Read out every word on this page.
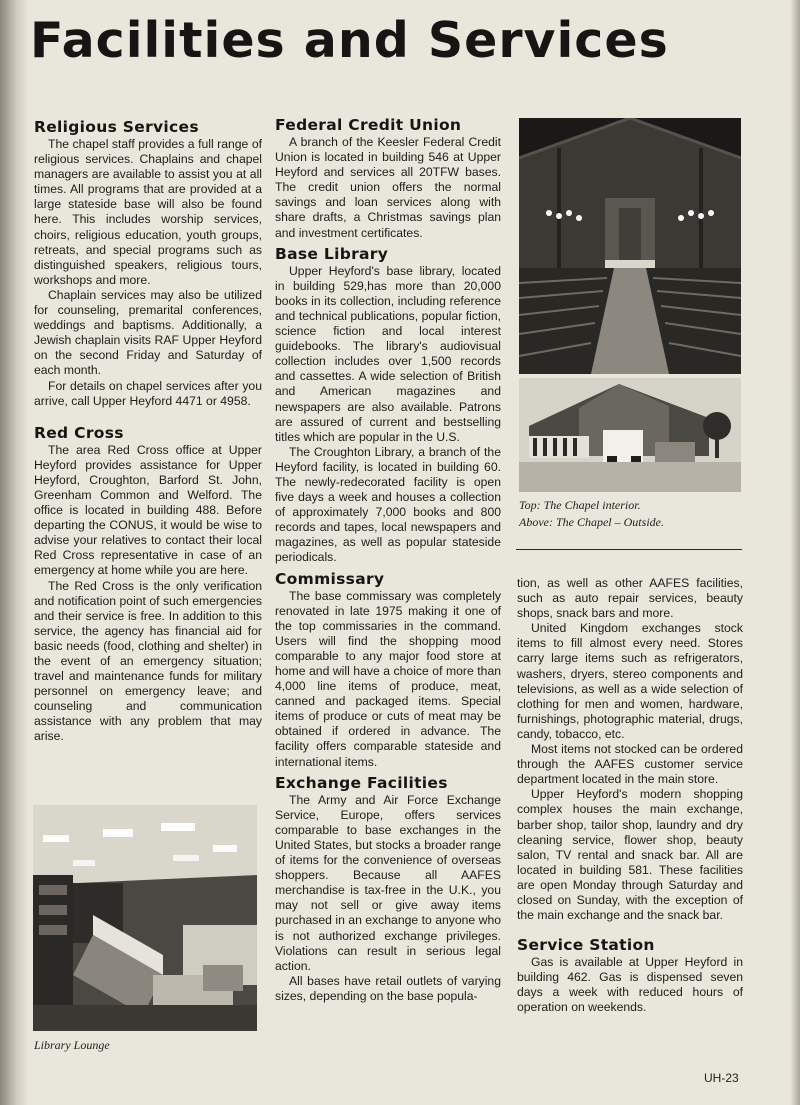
Facilities and Services
Religious Services

The chapel staff provides a full range of religious services. Chaplains and chapel managers are available to assist you at all times. All programs that are provided at a large stateside base will also be found here. This includes worship services, choirs, religious education, youth groups, retreats, and special programs such as distinguished speakers, religious tours, workshops and more.

Chaplain services may also be utilized for counseling, premarital conferences, weddings and baptisms. Additionally, a Jewish chaplain visits RAF Upper Heyford on the second Friday and Saturday of each month.

For details on chapel services after you arrive, call Upper Heyford 4471 or 4958.

Red Cross

The area Red Cross office at Upper Heyford provides assistance for Upper Heyford, Croughton, Barford St. John, Greenham Common and Welford. The office is located in building 488. Before departing the CONUS, it would be wise to advise your relatives to contact their local Red Cross representative in case of an emergency at home while you are here.

The Red Cross is the only verification and notification point of such emergencies and their service is free. In addition to this service, the agency has financial aid for basic needs (food, clothing and shelter) in the event of an emergency situation; travel and maintenance funds for military personnel on emergency leave; and counseling and communication assistance with any problem that may arise.

Library Lounge
Federal Credit Union

A branch of the Keesler Federal Credit Union is located in building 546 at Upper Heyford and services all 20TFW bases. The credit union offers the normal savings and loan services along with share drafts, a Christmas savings plan and investment certificates.

Base Library

Upper Heyford's base library, located in building 529,has more than 20,000 books in its collection, including reference and technical publications, popular fiction, science fiction and local interest guidebooks. The library's audiovisual collection includes over 1,500 records and cassettes. A wide selection of British and American magazines and newspapers are also available. Patrons are assured of current and bestselling titles which are popular in the U.S.

The Croughton Library, a branch of the Heyford facility, is located in building 60. The newly-redecorated facility is open five days a week and houses a collection of approximately 7,000 books and 800 records and tapes, local newspapers and magazines, as well as popular stateside periodicals.

Commissary

The base commissary was completely renovated in late 1975 making it one of the top commissaries in the command. Users will find the shopping mood comparable to any major food store at home and will have a choice of more than 4,000 line items of produce, meat, canned and packaged items. Special items of produce or cuts of meat may be obtained if ordered in advance. The facility offers comparable stateside and international items.

Exchange Facilities

The Army and Air Force Exchange Service, Europe, offers services comparable to base exchanges in the United States, but stocks a broader range of items for the convenience of overseas shoppers. Because all AAFES merchandise is tax-free in the U.K., you may not sell or give away items purchased in an exchange to anyone who is not authorized exchange privileges. Violations can result in serious legal action.

All bases have retail outlets of varying sizes, depending on the base popula-

Top: The Chapel interior.
Above: The Chapel – Outside.

tion, as well as other AAFES facilities, such as auto repair services, beauty shops, snack bars and more.

United Kingdom exchanges stock items to fill almost every need. Stores carry large items such as refrigerators, washers, dryers, stereo components and televisions, as well as a wide selection of clothing for men and women, hardware, furnishings, photographic material, drugs, candy, tobacco, etc.

Most items not stocked can be ordered through the AAFES customer service department located in the main store.

Upper Heyford's modern shopping complex houses the main exchange, barber shop, tailor shop, laundry and dry cleaning service, flower shop, beauty salon, TV rental and snack bar. All are located in building 581. These facilities are open Monday through Saturday and closed on Sunday, with the exception of the main exchange and the snack bar.

Service Station

Gas is available at Upper Heyford in building 462. Gas is dispensed seven days a week with reduced hours of operation on weekends.

UH-23
